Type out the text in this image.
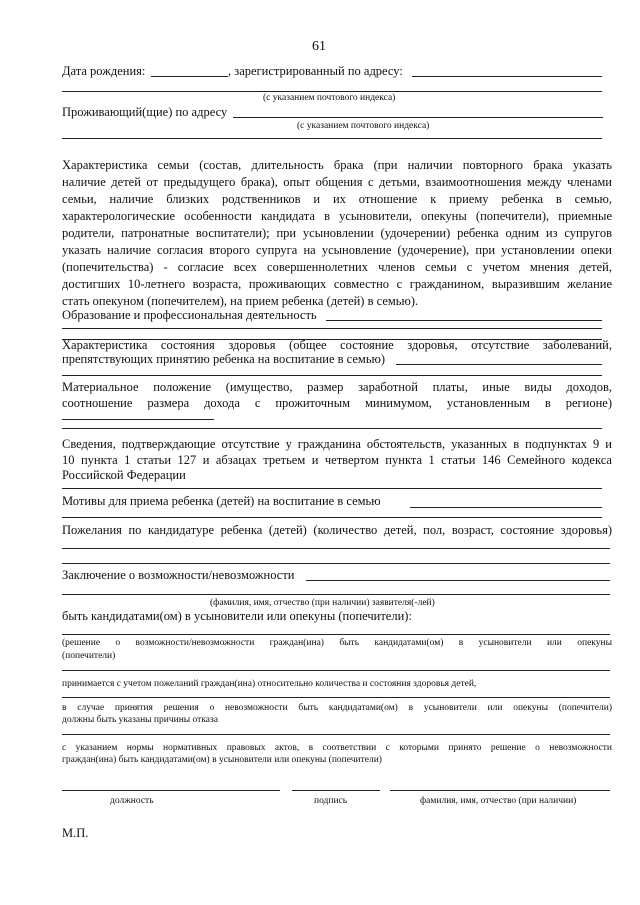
61
Дата рождения:	, зарегистрированный по адресу:
(с указанием почтового индекса)
Проживающий(щие) по адресу
(с указанием почтового индекса)
Характеристика семьи (состав, длительность брака (при наличии повторного брака указать
наличие детей от предыдущего брака), опыт общения с детьми, взаимоотношения между членами
семьи, наличие близких родственников и их отношение к приему ребенка в семью,
характерологические особенности кандидата в усыновители, опекуны (попечители), приемные
родители, патронатные воспитатели); при усыновлении (удочерении) ребенка одним из супругов
указать наличие согласия второго супруга на усыновление (удочерение), при установлении опеки
(попечительства) - согласие всех совершеннолетних членов семьи с учетом мнения детей,
достигших 10-летнего возраста, проживающих совместно с гражданином, выразившим желание
стать опекуном (попечителем), на прием ребенка (детей) в семью).
Образование и профессиональная деятельность
Характеристика состояния здоровья (общее состояние здоровья, отсутствие заболеваний,
препятствующих принятию ребенка на воспитание в семью)
Материальное положение (имущество, размер заработной платы, иные виды доходов,
соотношение размера дохода с прожиточным минимумом, установленным в регионе)
Сведения, подтверждающие отсутствие у гражданина обстоятельств, указанных в подпунктах 9 и
10 пункта 1 статьи 127 и абзацах третьем и четвертом пункта 1 статьи 146 Семейного кодекса
Российской Федерации
Мотивы для приема ребенка (детей) на воспитание в семью
Пожелания по кандидатуре ребенка (детей) (количество детей, пол, возраст, состояние здоровья)
Заключение о возможности/невозможности
(фамилия, имя, отчество (при наличии) заявителя(-лей)
быть кандидатами(ом) в усыновители или опекуны (попечители):
(решение о возможности/невозможности граждан(ина) быть кандидатами(ом) в усыновители или опекуны
(попечители)
принимается с учетом пожеланий граждан(ина) относительно количества и состояния здоровья детей,
в случае принятия решения о невозможности быть кандидатами(ом) в усыновители или опекуны (попечители)
должны быть указаны причины отказа
с указанием нормы нормативных правовых актов, в соответствии с которыми принято решение о невозможности
граждан(ина) быть кандидатами(ом) в усыновители или опекуны (попечители)
должность	подпись	фамилия, имя, отчество (при наличии)
М.П.
